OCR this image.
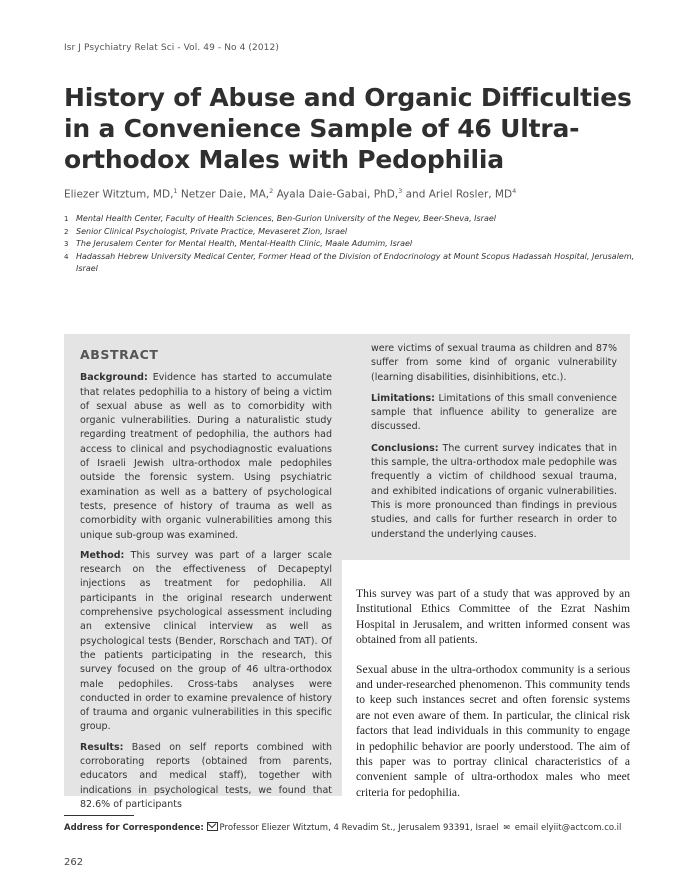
Isr J Psychiatry Relat Sci - Vol. 49 - No 4 (2012)
History of Abuse and Organic Difficulties in a Convenience Sample of 46 Ultra-orthodox Males with Pedophilia
Eliezer Witztum, MD,$^1$ Netzer Daie, MA,$^2$ Ayala Daie-Gabai, PhD,$^3$ and Ariel Rosler, $MD^4$
1 Mental Health Center, Faculty of Health Sciences, Ben-Gurion University of the Negev, Beer-Sheva, Israel
2 Senior Clinical Psychologist, Private Practice, Mevaseret Zion, Israel
3 The Jerusalem Center for Mental Health, Mental-Health Clinic, Maale Adumim, Israel
4 Hadassah Hebrew University Medical Center, Former Head of the Division of Endocrinology at Mount Scopus Hadassah Hospital, Jerusalem, Israel
ABSTRACT

Background: Evidence has started to accumulate that relates pedophilia to a history of being a victim of sexual abuse as well as to comorbidity with organic vulnerabilities. During a naturalistic study regarding treatment of pedophilia, the authors had access to clinical and psychodiagnostic evaluations of Israeli Jewish ultra-orthodox male pedophiles outside the forensic system. Using psychiatric examination as well as a battery of psychological tests, presence of history of trauma as well as comorbidity with organic vulnerabilities among this unique sub-group was examined.

Method: This survey was part of a larger scale research on the effectiveness of Decapeptyl injections as treatment for pedophilia. All participants in the original research underwent comprehensive psychological assessment including an extensive clinical interview as well as psychological tests (Bender, Rorschach and TAT). Of the patients participating in the research, this survey focused on the group of 46 ultra-orthodox male pedophiles. Cross-tabs analyses were conducted in order to examine prevalence of history of trauma and organic vulnerabilities in this specific group.

Results: Based on self reports combined with corroborating reports (obtained from parents, educators and medical staff), together with indications in psychological tests, we found that 82.6% of participants

were victims of sexual trauma as children and 87% suffer from some kind of organic vulnerability (learning disabilities, disinhibitions, etc.).

Limitations: Limitations of this small convenience sample that influence ability to generalize are discussed.

Conclusions: The current survey indicates that in this sample, the ultra-orthodox male pedophile was frequently a victim of childhood sexual trauma, and exhibited indications of organic vulnerabilities. This is more pronounced than findings in previous studies, and calls for further research in order to understand the underlying causes.

This survey was part of a study that was approved by an Institutional Ethics Committee of the Ezrat Nashim Hospital in Jerusalem, and written informed consent was obtained from all patients.

Sexual abuse in the ultra-orthodox community is a serious and under-researched phenomenon. This community tends to keep such instances secret and often forensic systems are not even aware of them. In particular, the clinical risk factors that lead individuals in this community to engage in pedophilic behavior are poorly understood. The aim of this paper was to portray clinical characteristics of a convenient sample of ultra-orthodox males who meet criteria for pedophilia.

Address for Correspondence: Professor Eliezer Witztum, 4 Revadim St., Jerusalem 93391, Israel ✉ email elyiit@actcom.co.il
262
